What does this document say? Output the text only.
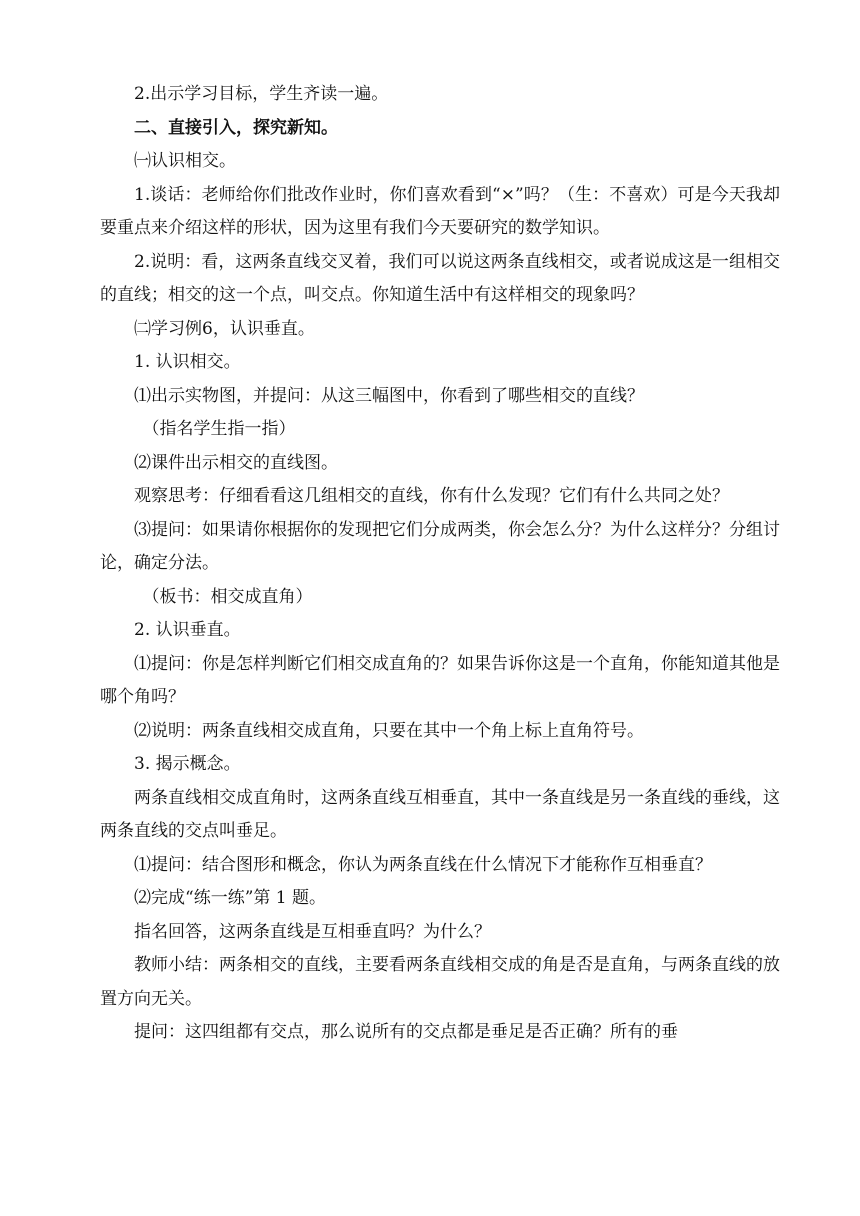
2.出示学习目标，学生齐读一遍。

二、直接引入，探究新知。

㈠认识相交。

1.谈话：老师给你们批改作业时，你们喜欢看到“×”吗？（生：不喜欢）可是今天我却要重点来介绍这样的形状，因为这里有我们今天要研究的数学知识。

2.说明：看，这两条直线交叉着，我们可以说这两条直线相交，或者说成这是一组相交的直线；相交的这一个点，叫交点。你知道生活中有这样相交的现象吗？

㈡学习例6，认识垂直。

1. 认识相交。

⑴出示实物图，并提问：从这三幅图中，你看到了哪些相交的直线？

（指名学生指一指）

⑵课件出示相交的直线图。

观察思考：仔细看看这几组相交的直线，你有什么发现？它们有什么共同之处？

⑶提问：如果请你根据你的发现把它们分成两类，你会怎么分？为什么这样分？分组讨论，确定分法。

（板书：相交成直角）

2. 认识垂直。

⑴提问：你是怎样判断它们相交成直角的？如果告诉你这是一个直角，你能知道其他是哪个角吗？

⑵说明：两条直线相交成直角，只要在其中一个角上标上直角符号。

3. 揭示概念。

两条直线相交成直角时，这两条直线互相垂直，其中一条直线是另一条直线的垂线，这两条直线的交点叫垂足。

⑴提问：结合图形和概念，你认为两条直线在什么情况下才能称作互相垂直？

⑵完成“练一练”第 1 题。

指名回答，这两条直线是互相垂直吗？为什么？

教师小结：两条相交的直线，主要看两条直线相交成的角是否是直角，与两条直线的放置方向无关。

提问：这四组都有交点，那么说所有的交点都是垂足是否正确？所有的垂
